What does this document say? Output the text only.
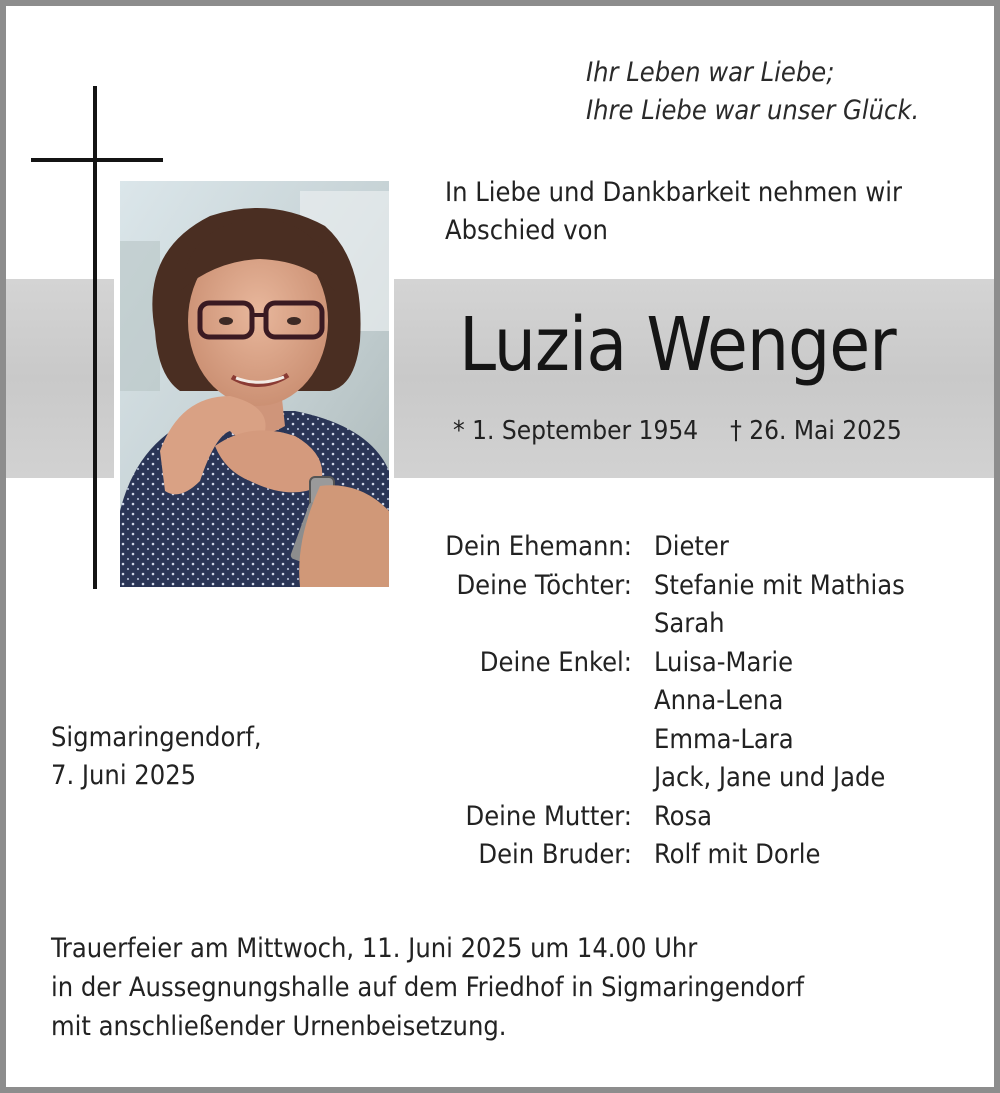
Ihr Leben war Liebe;
Ihre Liebe war unser Glück.
In Liebe und Dankbarkeit nehmen wir
Abschied von
Luzia Wenger
* 1. September 1954 † 26. Mai 2025
Dein Ehemann:	Dieter

Deine Töchter:	Stefanie mit Mathias
Sarah

Deine Enkel:	Luisa-Marie
Anna-Lena
Emma-Lara
Jack, Jane und Jade

Deine Mutter:	Rosa

Dein Bruder:	Rolf mit Dorle
Sigmaringendorf,
7. Juni 2025
Trauerfeier am Mittwoch, 11. Juni 2025 um 14.00 Uhr
in der Aussegnungshalle auf dem Friedhof in Sigmaringendorf
mit anschließender Urnenbeisetzung.
